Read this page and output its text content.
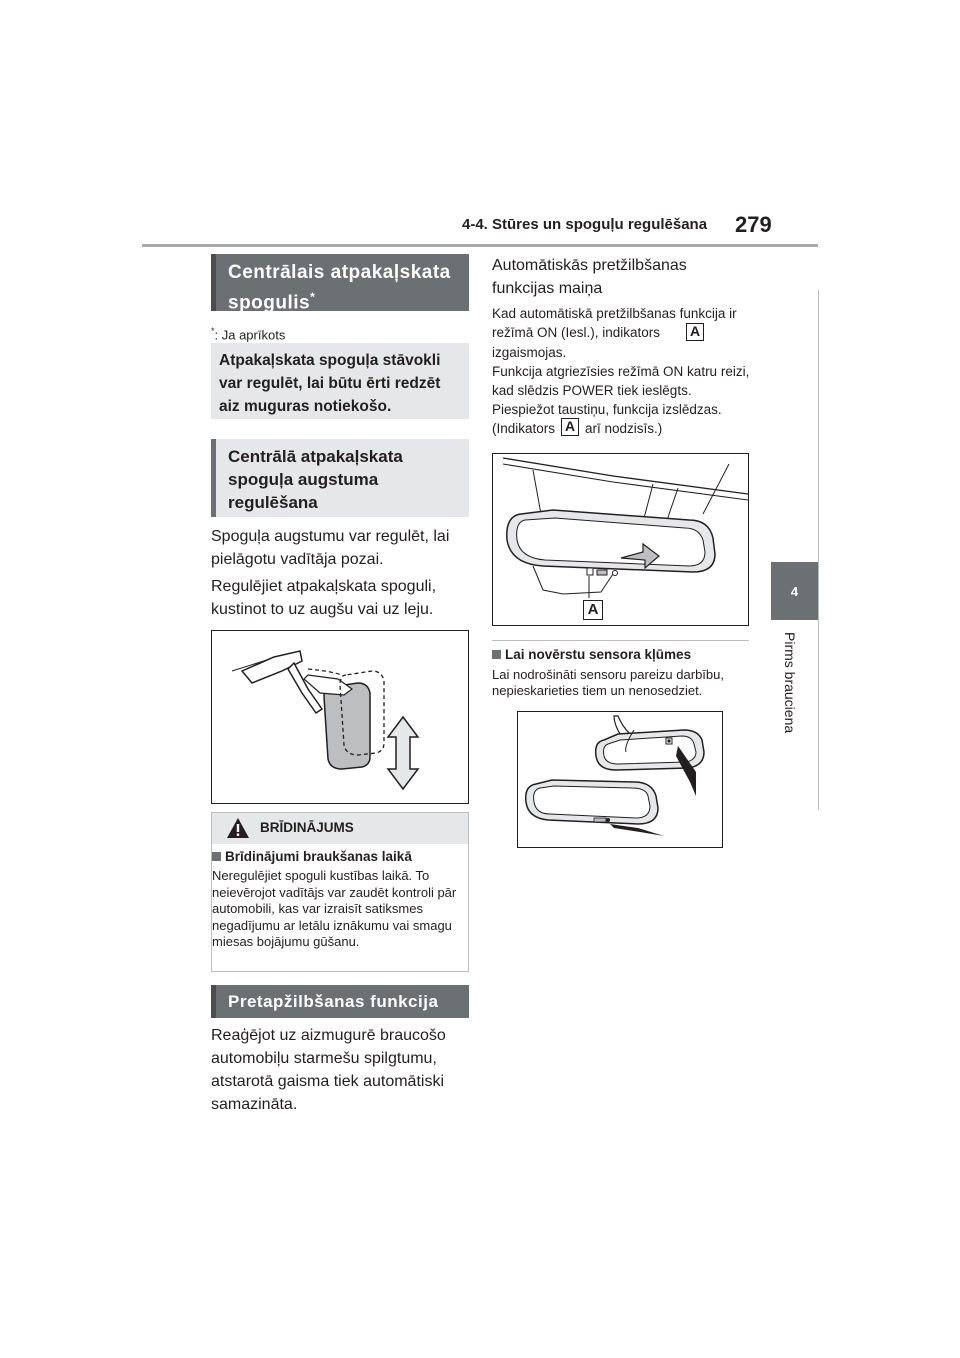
4-4. Stūres un spoguļu regulēšana 279
4
Pirms brauciena
Centrālais atpakaļskata spogulis*
*: Ja aprīkots
Atpakaļskata spoguļa stāvokli var regulēt, lai būtu ērti redzēt aiz muguras notiekošo.
Centrālā atpakaļskata spoguļa augstuma regulēšana
Spoguļa augstumu var regulēt, lai pielāgotu vadītāja pozai.
Regulējiet atpakaļskata spoguli, kustinot to uz augšu vai uz leju.
BRĪDINĀJUMS
Brīdinājumi braukšanas laikā
Neregulējiet spoguli kustības laikā. To neievērojot vadītājs var zaudēt kontroli pār automobili, kas var izraisīt satiksmes negadījumu ar letālu iznākumu vai smagu miesas bojājumu gūšanu.
Pretapžilbšanas funkcija
Reaģējot uz aizmugurē braucošo automobiļu starmešu spilgtumu, atstarotā gaisma tiek automātiski samazināta.
Automātiskās pretžilbšanas funkcijas maiņa
Kad automātiskā pretžilbšanas funkcija ir režīmā ON (Iesl.), indikators	A
izgaismojas.
Funkcija atgriezīsies režīmā ON katru reizi, kad slēdzis POWER tiek ieslēgts.
Piespiežot taustiņu, funkcija izslēdzas.
(Indikators A arī nodzisīs.)
A
Lai novērstu sensora kļūmes
Lai nodrošināti sensoru pareizu darbību, nepieskarieties tiem un nenosedziet.
